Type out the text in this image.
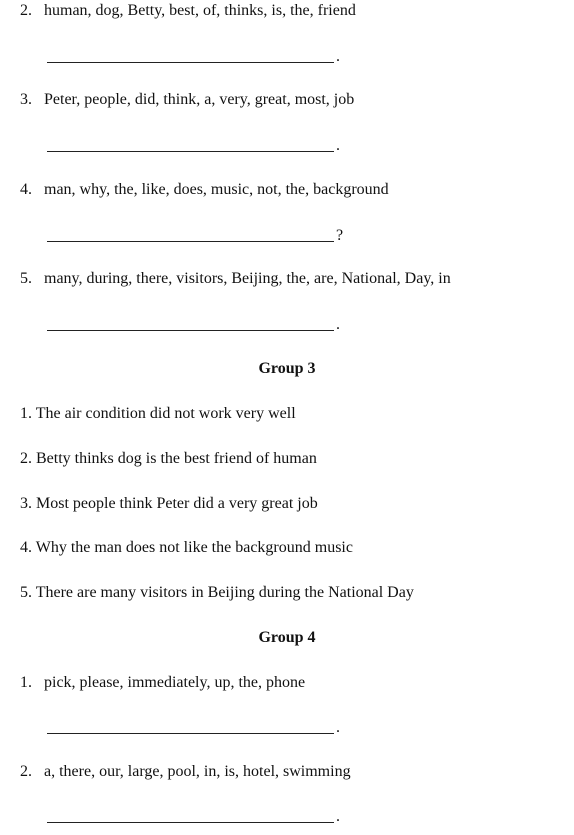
2. human, dog, Betty, best, of, thinks, is, the, friend
.
3. Peter, people, did, think, a, very, great, most, job
.
4. man, why, the, like, does, music, not, the, background
?
5. many, during, there, visitors, Beijing, the, are, National, Day, in
.
Group 3
1. The air condition did not work very well
2. Betty thinks dog is the best friend of human
3. Most people think Peter did a very great job
4. Why the man does not like the background music
5. There are many visitors in Beijing during the National Day
Group 4
1. pick, please, immediately, up, the, phone
.
2. a, there, our, large, pool, in, is, hotel, swimming
.
